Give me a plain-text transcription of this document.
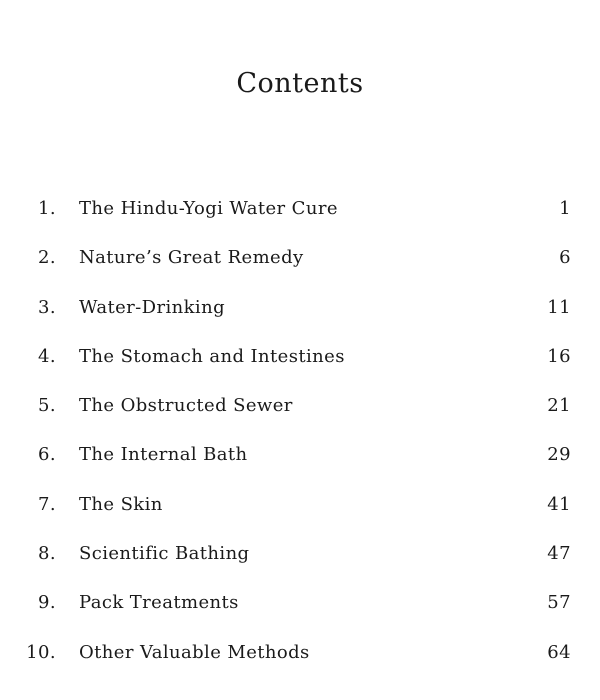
Contents
1. The Hindu-Yogi Water Cure	1
2. Nature’s Great Remedy	6
3. Water-Drinking	11
4. The Stomach and Intestines	16
5. The Obstructed Sewer	21
6. The Internal Bath	29
7. The Skin	41
8. Scientific Bathing	47
9. Pack Treatments	57
10. Other Valuable Methods	64
